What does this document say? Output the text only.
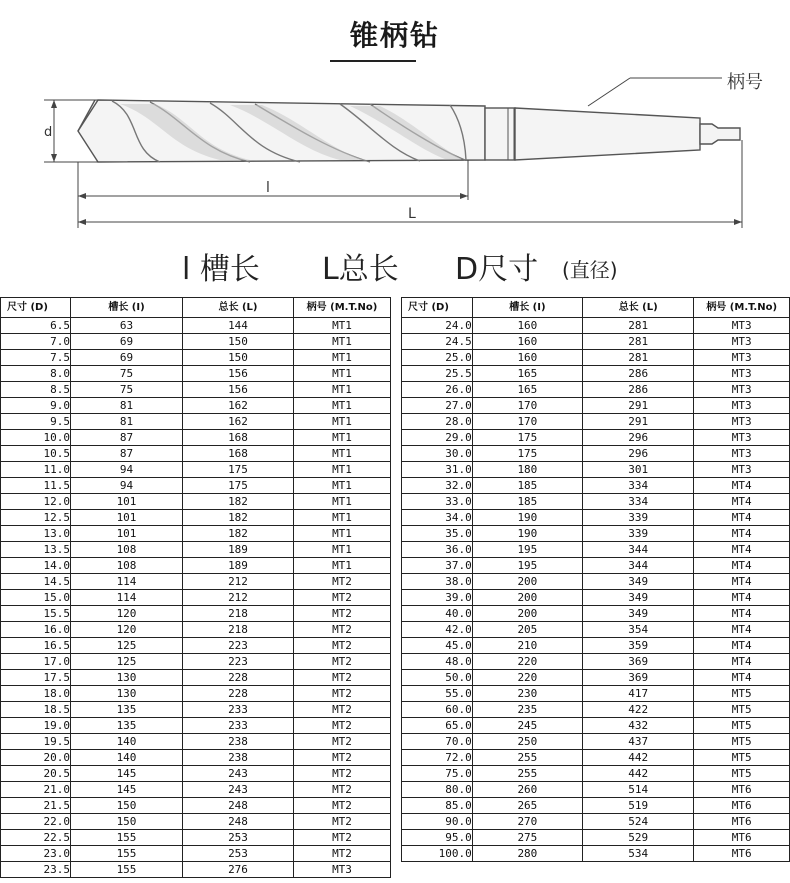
锥柄钻
柄号
d
l
L
l 槽长 L总长 D尺寸 (直径)
尺寸 (D)	槽长 (I)	总长 (L)	柄号 (M.T.No)
6.5	63	144	MT1
7.0	69	150	MT1
7.5	69	150	MT1
8.0	75	156	MT1
8.5	75	156	MT1
9.0	81	162	MT1
9.5	81	162	MT1
10.0	87	168	MT1
10.5	87	168	MT1
11.0	94	175	MT1
11.5	94	175	MT1
12.0	101	182	MT1
12.5	101	182	MT1
13.0	101	182	MT1
13.5	108	189	MT1
14.0	108	189	MT1
14.5	114	212	MT2
15.0	114	212	MT2
15.5	120	218	MT2
16.0	120	218	MT2
16.5	125	223	MT2
17.0	125	223	MT2
17.5	130	228	MT2
18.0	130	228	MT2
18.5	135	233	MT2
19.0	135	233	MT2
19.5	140	238	MT2
20.0	140	238	MT2
20.5	145	243	MT2
21.0	145	243	MT2
21.5	150	248	MT2
22.0	150	248	MT2
22.5	155	253	MT2
23.0	155	253	MT2
23.5	155	276	MT3
尺寸 (D)	槽长 (I)	总长 (L)	柄号 (M.T.No)
24.0	160	281	MT3
24.5	160	281	MT3
25.0	160	281	MT3
25.5	165	286	MT3
26.0	165	286	MT3
27.0	170	291	MT3
28.0	170	291	MT3
29.0	175	296	MT3
30.0	175	296	MT3
31.0	180	301	MT3
32.0	185	334	MT4
33.0	185	334	MT4
34.0	190	339	MT4
35.0	190	339	MT4
36.0	195	344	MT4
37.0	195	344	MT4
38.0	200	349	MT4
39.0	200	349	MT4
40.0	200	349	MT4
42.0	205	354	MT4
45.0	210	359	MT4
48.0	220	369	MT4
50.0	220	369	MT4
55.0	230	417	MT5
60.0	235	422	MT5
65.0	245	432	MT5
70.0	250	437	MT5
72.0	255	442	MT5
75.0	255	442	MT5
80.0	260	514	MT6
85.0	265	519	MT6
90.0	270	524	MT6
95.0	275	529	MT6
100.0	280	534	MT6
